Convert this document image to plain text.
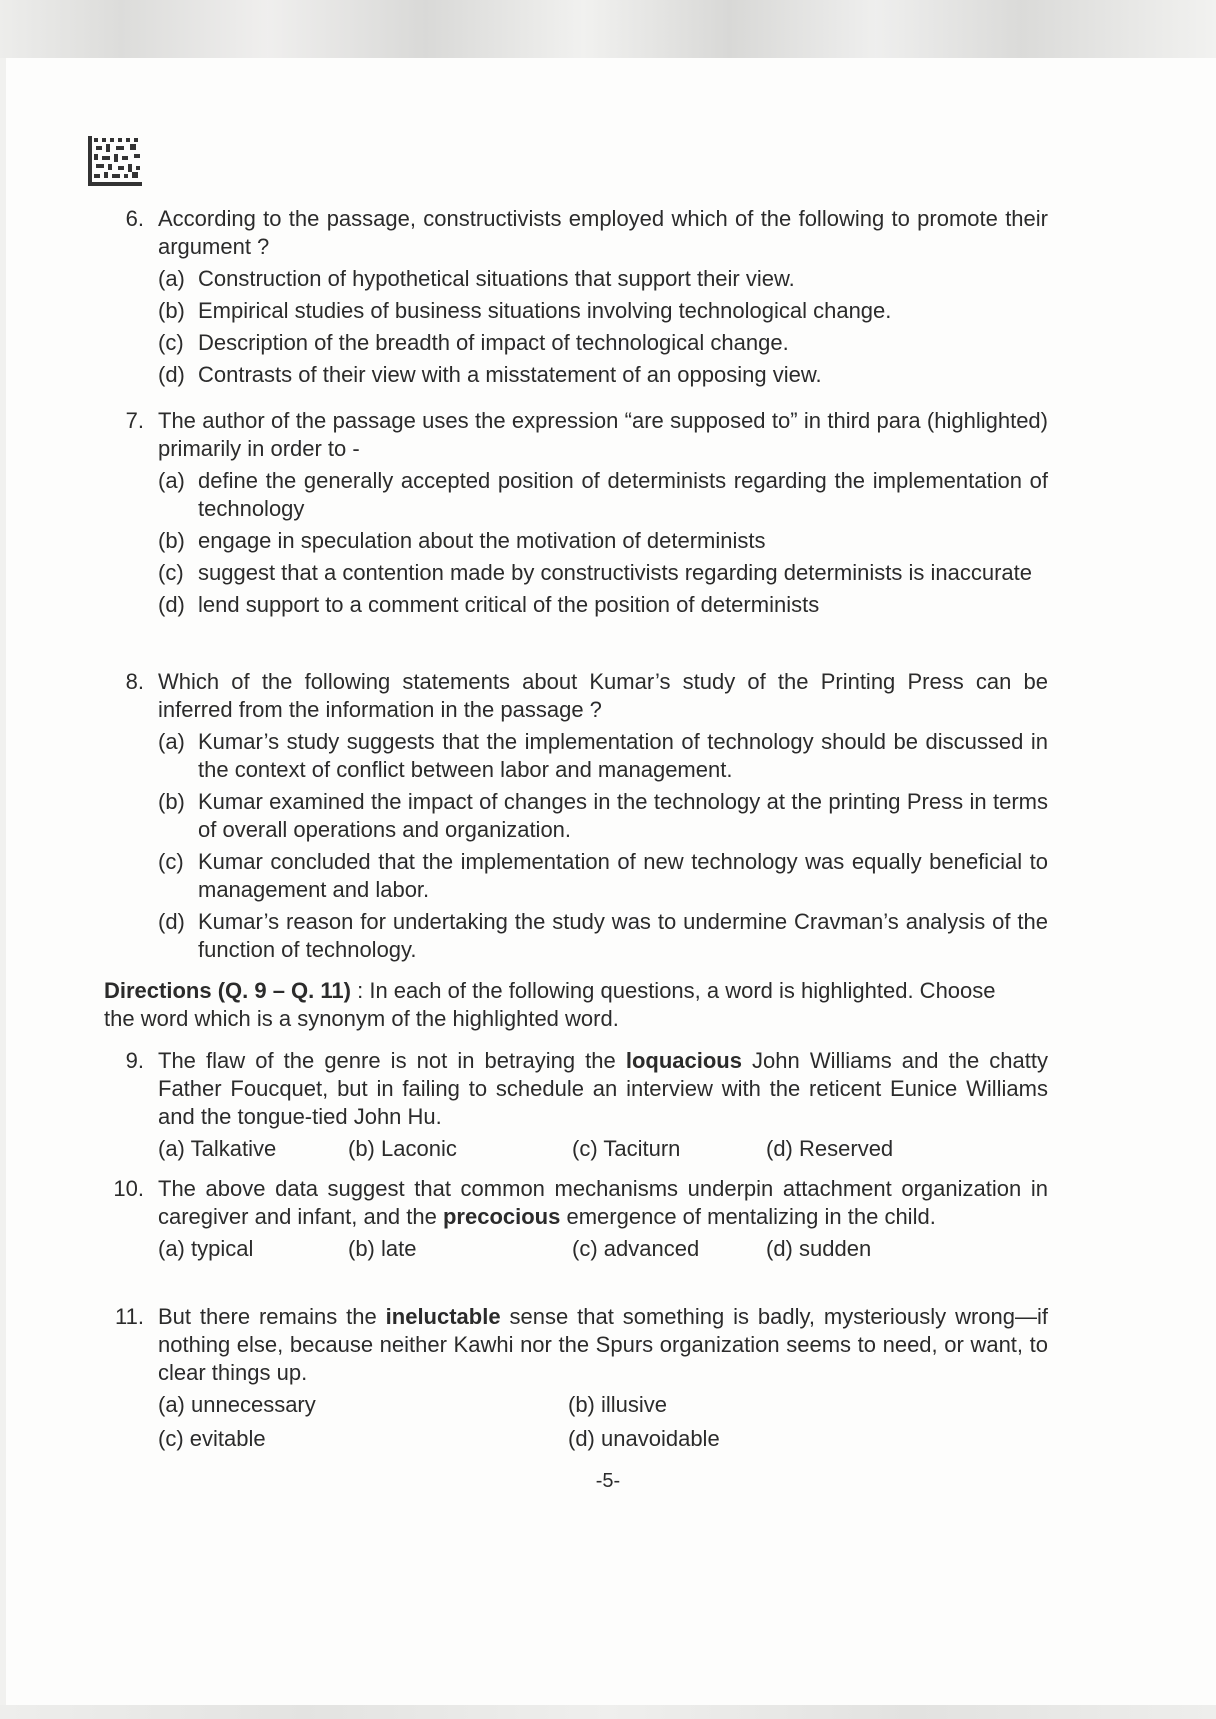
6. According to the passage, constructivists employed which of the following to promote their argument ?
(a) Construction of hypothetical situations that support their view.
(b) Empirical studies of business situations involving technological change.
(c) Description of the breadth of impact of technological change.
(d) Contrasts of their view with a misstatement of an opposing view.
7. The author of the passage uses the expression “are supposed to” in third para (highlighted) primarily in order to -
(a) define the generally accepted position of determinists regarding the implementation of technology
(b) engage in speculation about the motivation of determinists
(c) suggest that a contention made by constructivists regarding determinists is inaccurate
(d) lend support to a comment critical of the position of determinists
8. Which of the following statements about Kumar’s study of the Printing Press can be inferred from the information in the passage ?
(a) Kumar’s study suggests that the implementation of technology should be discussed in the context of conflict between labor and management.
(b) Kumar examined the impact of changes in the technology at the printing Press in terms of overall operations and organization.
(c) Kumar concluded that the implementation of new technology was equally beneficial to management and labor.
(d) Kumar’s reason for undertaking the study was to undermine Cravman’s analysis of the function of technology.
Directions (Q. 9 – Q. 11) : In each of the following questions, a word is highlighted. Choose the word which is a synonym of the highlighted word.
9. The flaw of the genre is not in betraying the loquacious John Williams and the chatty Father Foucquet, but in failing to schedule an interview with the reticent Eunice Williams and the tongue-tied John Hu.
(a) Talkative	(b) Laconic	(c) Taciturn	(d) Reserved
10. The above data suggest that common mechanisms underpin attachment organization in caregiver and infant, and the precocious emergence of mentalizing in the child.
(a) typical	(b) late	(c) advanced	(d) sudden
11. But there remains the ineluctable sense that something is badly, mysteriously wrong—if nothing else, because neither Kawhi nor the Spurs organization seems to need, or want, to clear things up.
(a) unnecessary	(b) illusive
(c) evitable	(d) unavoidable
-5-
